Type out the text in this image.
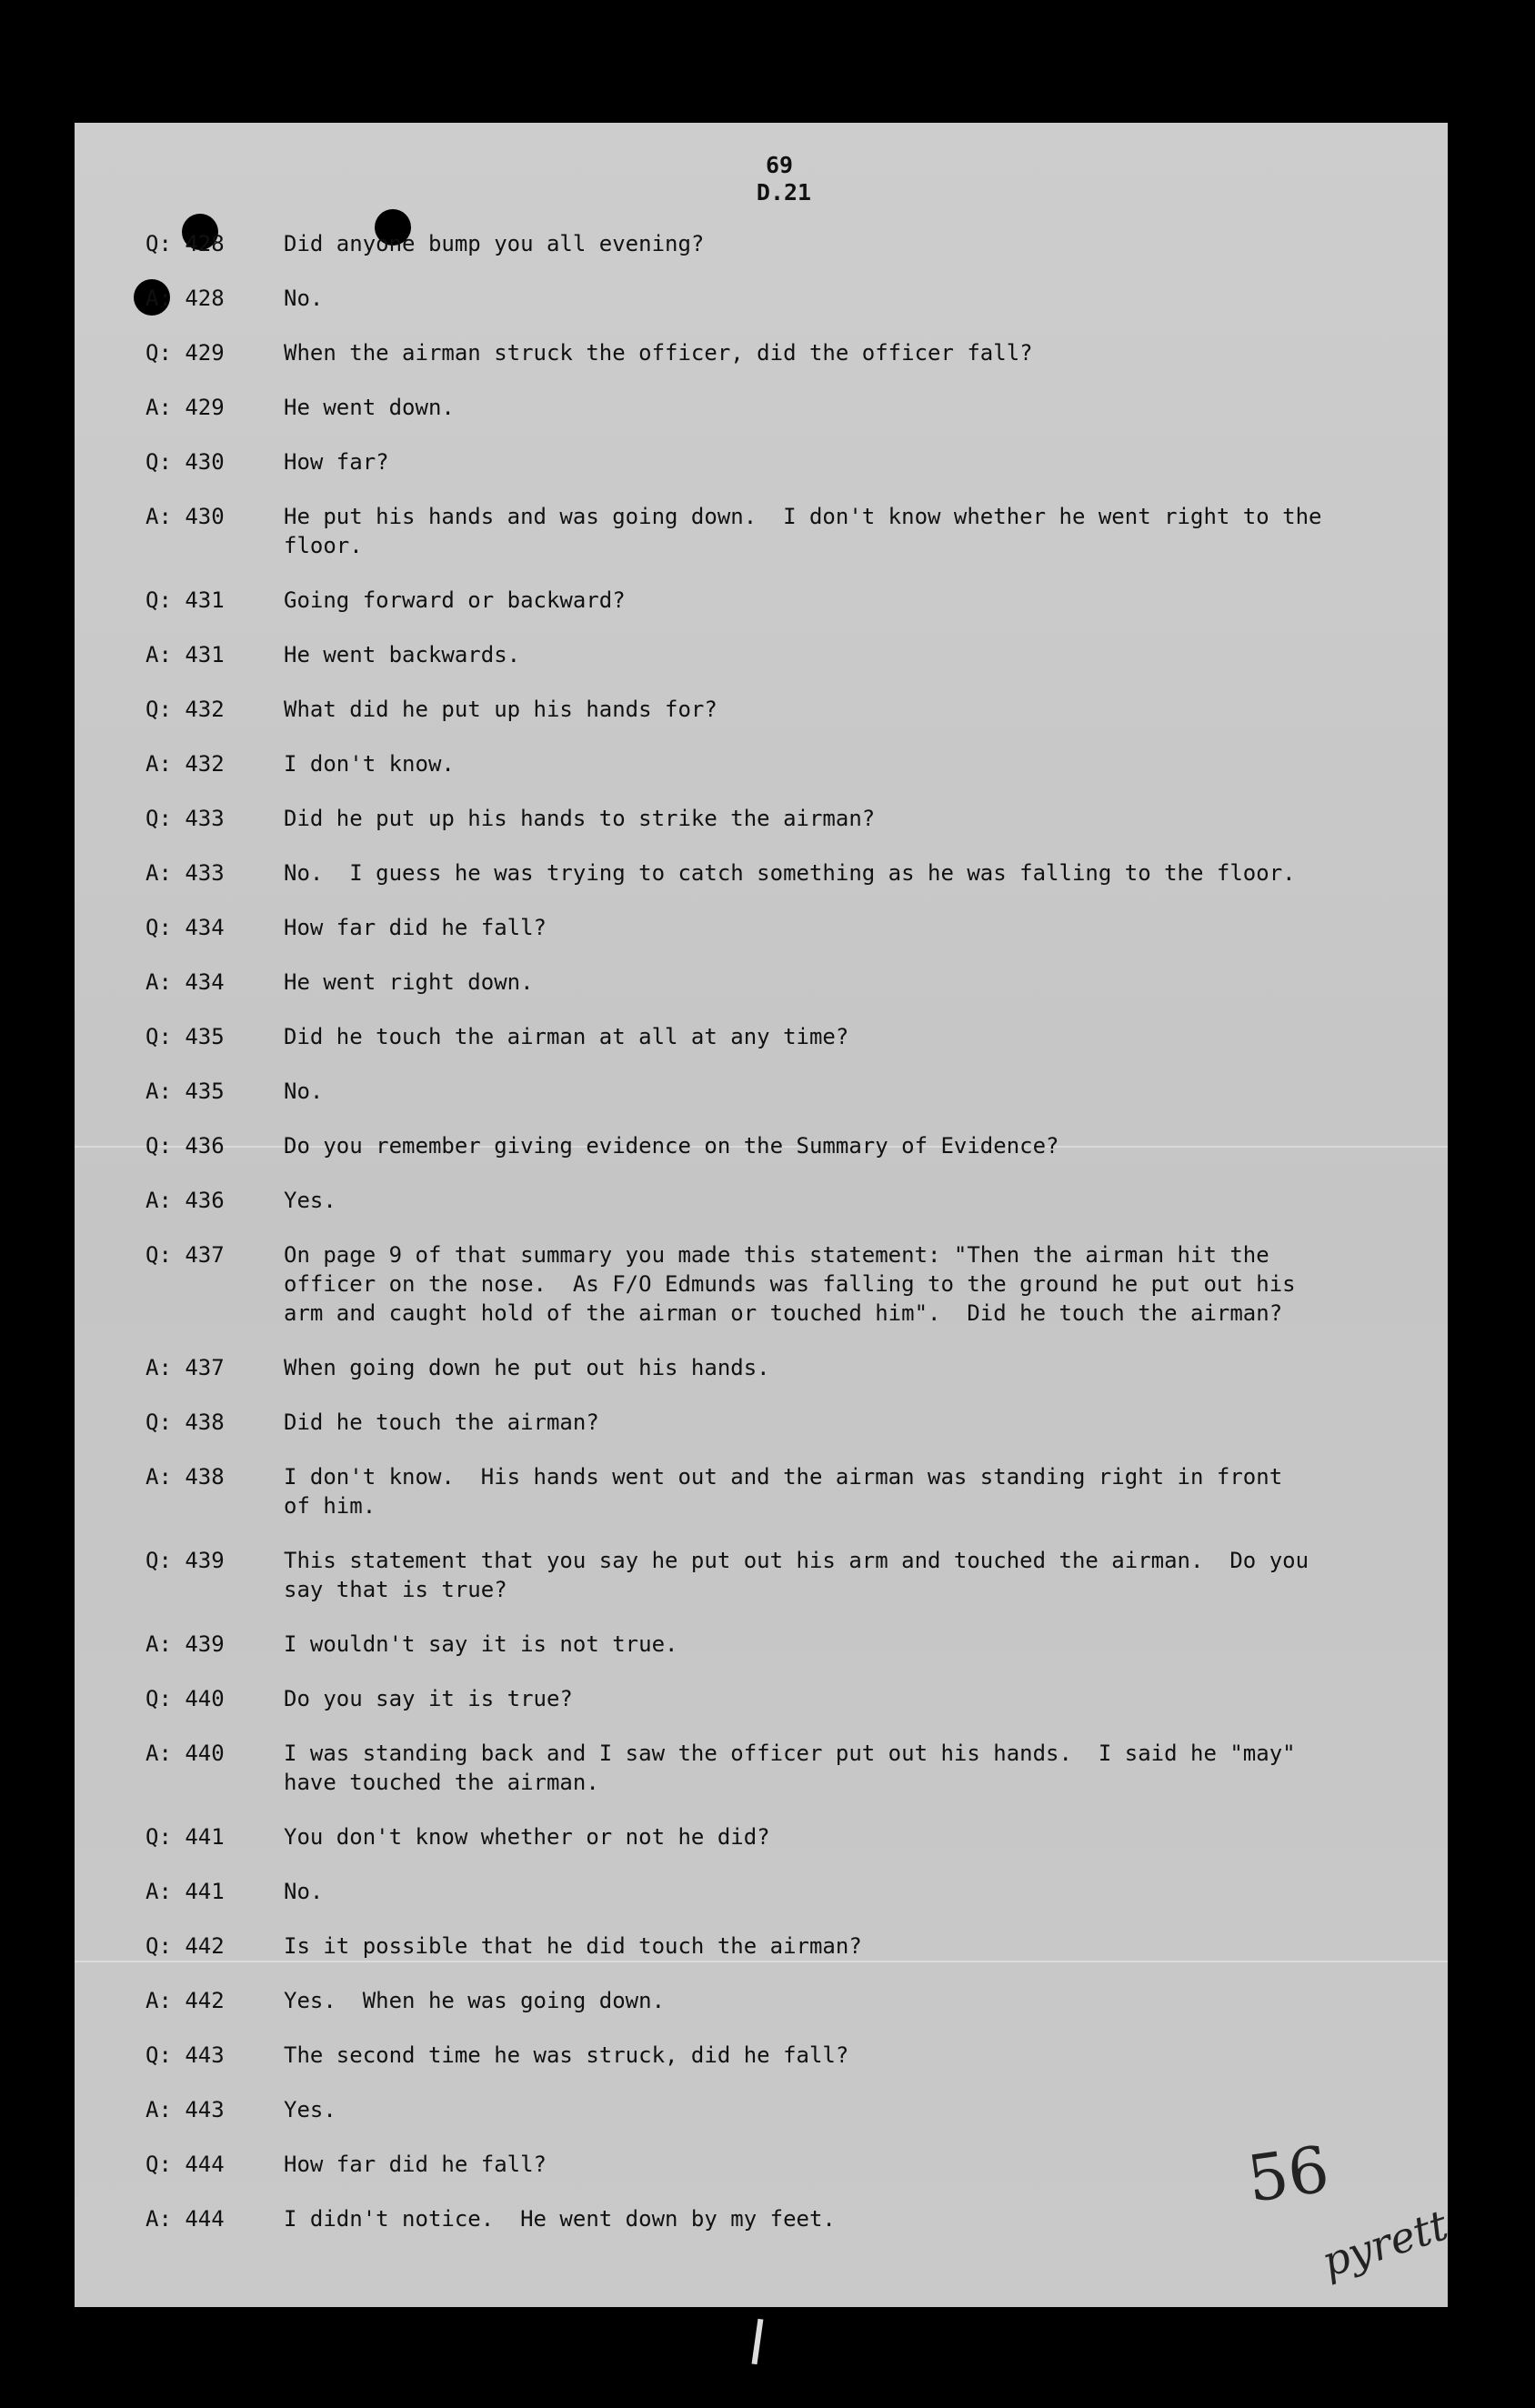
69
D.21
Q: 428	Did anyone bump you all evening?
A: 428	No.
Q: 429	When the airman struck the officer, did the officer fall?
A: 429	He went down.
Q: 430	How far?
A: 430	He put his hands and was going down.  I don't know whether he went right to the
floor.
Q: 431	Going forward or backward?
A: 431	He went backwards.
Q: 432	What did he put up his hands for?
A: 432	I don't know.
Q: 433	Did he put up his hands to strike the airman?
A: 433	No.  I guess he was trying to catch something as he was falling to the floor.
Q: 434	How far did he fall?
A: 434	He went right down.
Q: 435	Did he touch the airman at all at any time?
A: 435	No.
Q: 436	Do you remember giving evidence on the Summary of Evidence?
A: 436	Yes.
Q: 437	On page 9 of that summary you made this statement: "Then the airman hit the
officer on the nose.  As F/O Edmunds was falling to the ground he put out his
arm and caught hold of the airman or touched him".  Did he touch the airman?
A: 437	When going down he put out his hands.
Q: 438	Did he touch the airman?
A: 438	I don't know.  His hands went out and the airman was standing right in front
of him.
Q: 439	This statement that you say he put out his arm and touched the airman.  Do you
say that is true?
A: 439	I wouldn't say it is not true.
Q: 440	Do you say it is true?
A: 440	I was standing back and I saw the officer put out his hands.  I said he "may"
have touched the airman.
Q: 441	You don't know whether or not he did?
A: 441	No.
Q: 442	Is it possible that he did touch the airman?
A: 442	Yes.  When he was going down.
Q: 443	The second time he was struck, did he fall?
A: 443	Yes.
Q: 444	How far did he fall?
A: 444	I didn't notice.  He went down by my feet.
56
pyrett
